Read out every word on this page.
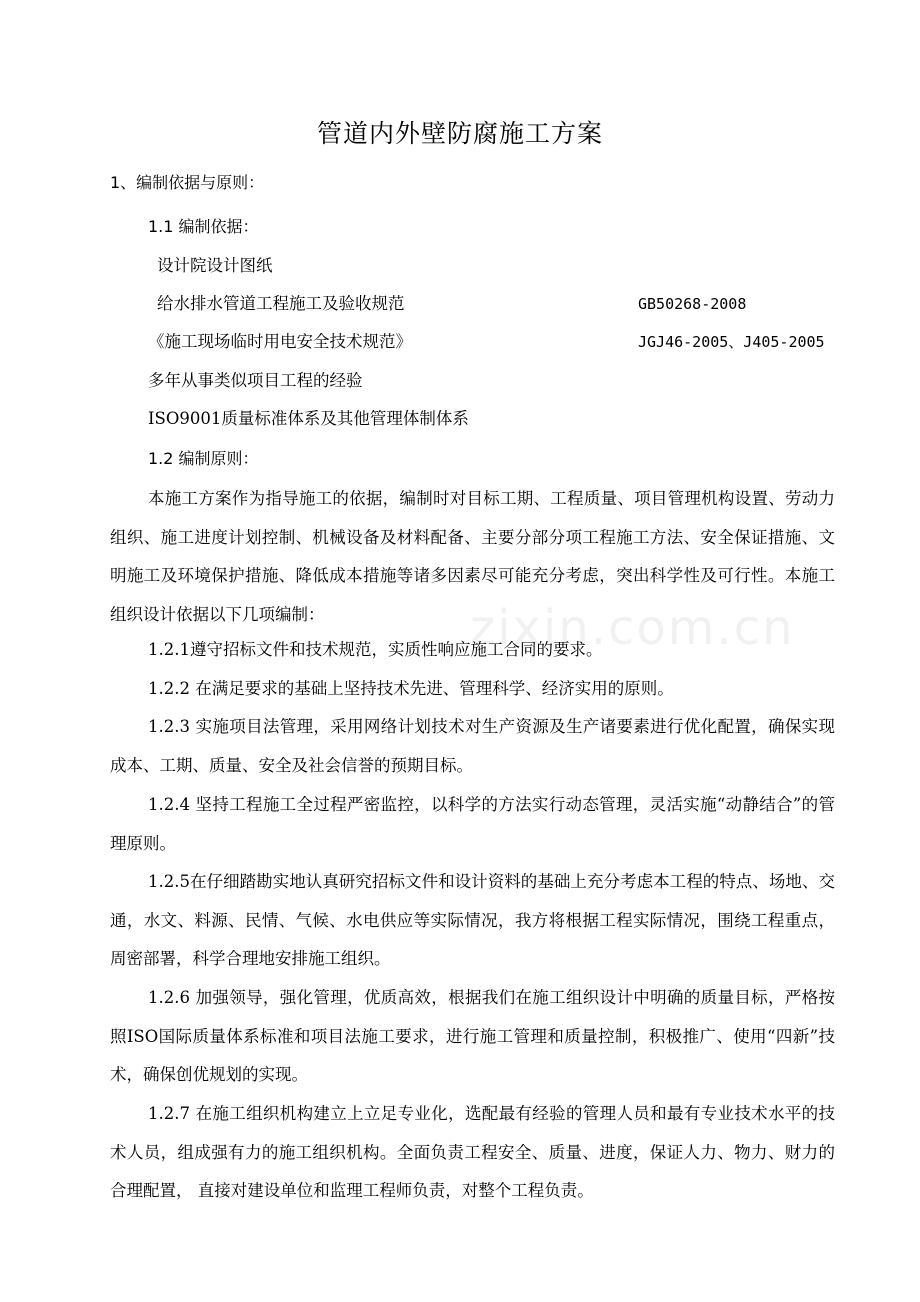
zixin.com.cn
管道内外壁防腐施工方案
1、编制依据与原则：
1.1 编制依据：
设计院设计图纸
给水排水管道工程施工及验收规范	GB50268-2008
《施工现场临时用电安全技术规范》	JGJ46-2005、J405-2005
多年从事类似项目工程的经验
ISO9001质量标准体系及其他管理体制体系
1.2 编制原则：
本施工方案作为指导施工的依据，编制时对目标工期、工程质量、项目管理机构设置、劳动力组织、施工进度计划控制、机械设备及材料配备、主要分部分项工程施工方法、安全保证措施、文明施工及环境保护措施、降低成本措施等诸多因素尽可能充分考虑，突出科学性及可行性。本施工组织设计依据以下几项编制：
1.2.1遵守招标文件和技术规范，实质性响应施工合同的要求。
1.2.2 在满足要求的基础上坚持技术先进、管理科学、经济实用的原则。
1.2.3 实施项目法管理，采用网络计划技术对生产资源及生产诸要素进行优化配置，确保实现成本、工期、质量、安全及社会信誉的预期目标。
1.2.4 坚持工程施工全过程严密监控，以科学的方法实行动态管理，灵活实施“动静结合”的管理原则。
1.2.5在仔细踏勘实地认真研究招标文件和设计资料的基础上充分考虑本工程的特点、场地、交通，水文、料源、民情、气候、水电供应等实际情况，我方将根据工程实际情况，围绕工程重点，周密部署，科学合理地安排施工组织。
1.2.6 加强领导，强化管理，优质高效，根据我们在施工组织设计中明确的质量目标，严格按照ISO国际质量体系标准和项目法施工要求，进行施工管理和质量控制，积极推广、使用“四新”技术，确保创优规划的实现。
1.2.7 在施工组织机构建立上立足专业化，选配最有经验的管理人员和最有专业技术水平的技术人员，组成强有力的施工组织机构。全面负责工程安全、质量、进度，保证人力、物力、财力的合理配置， 直接对建设单位和监理工程师负责，对整个工程负责。
